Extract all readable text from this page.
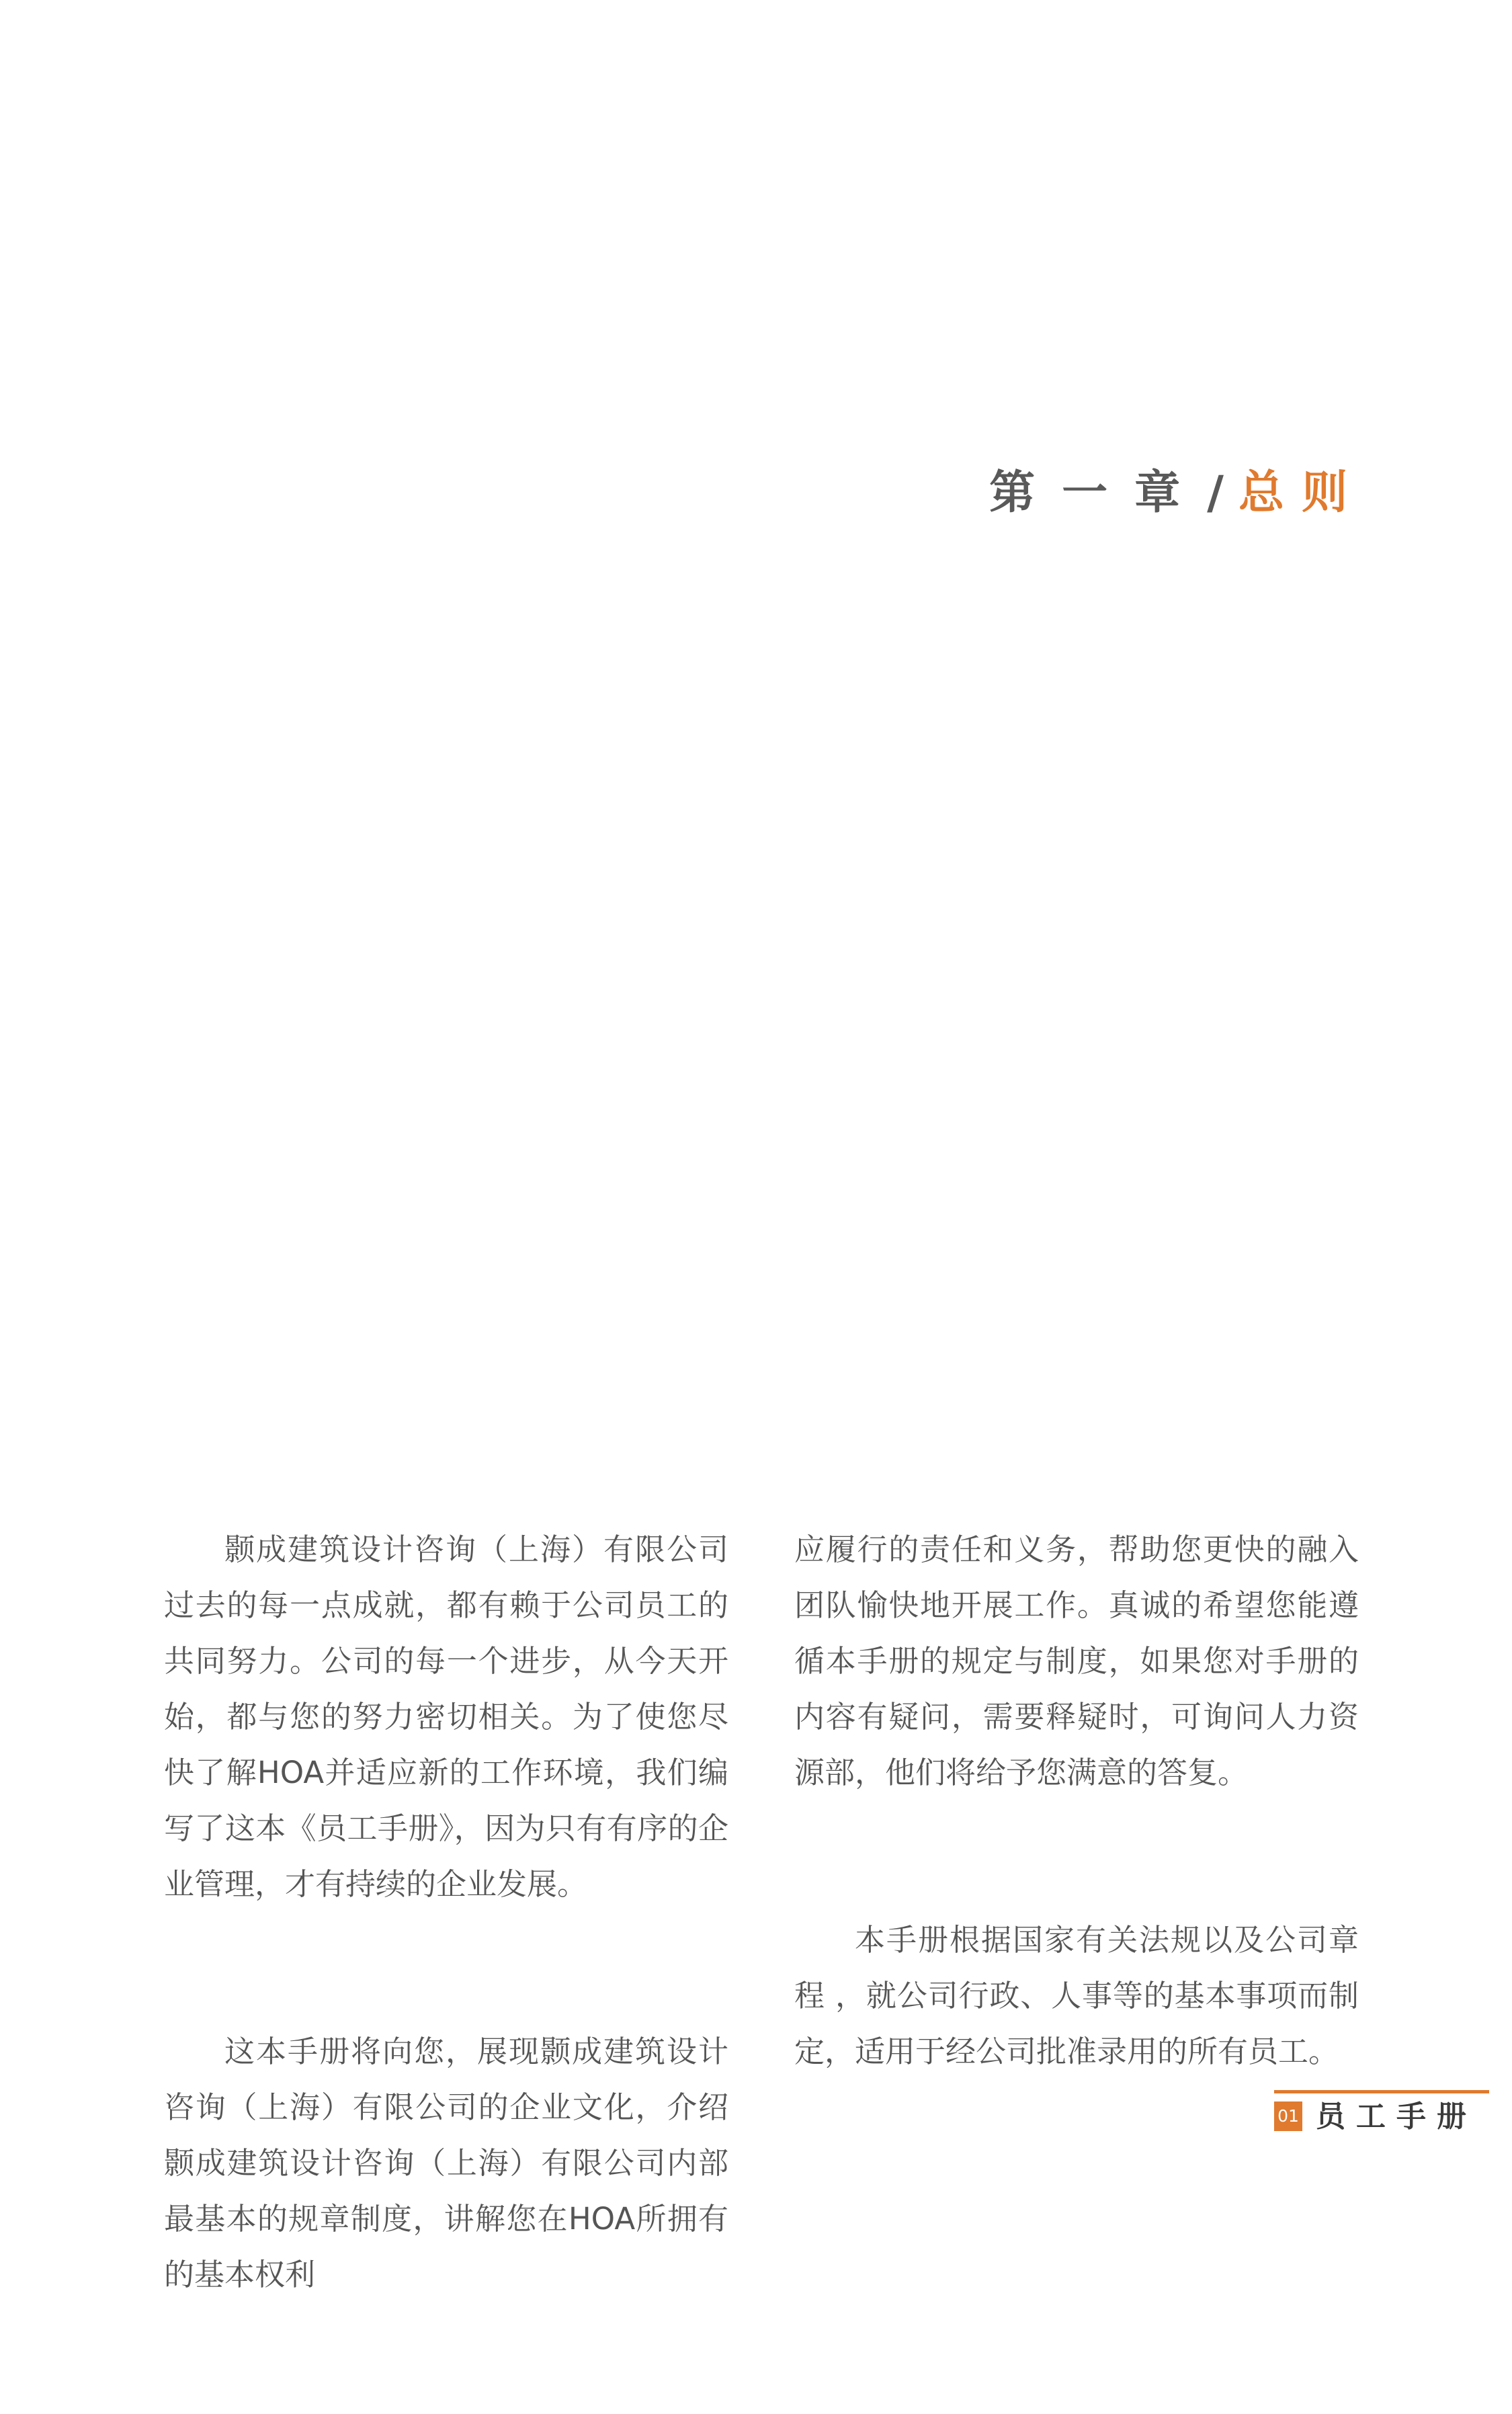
第一章 / 总则

颢成建筑设计咨询（上海）有限公司过去的每一点成就，都有赖于公司员工的共同努力。公司的每一个进步，从今天开始，都与您的努力密切相关。为了使您尽快了解HOA并适应新的工作环境，我们编写了这本《员工手册》，因为只有有序的企业管理，才有持续的企业发展。

这本手册将向您，展现颢成建筑设计咨询（上海）有限公司的企业文化，介绍颢成建筑设计咨询（上海）有限公司内部最基本的规章制度，讲解您在HOA所拥有的基本权利

应履行的责任和义务，帮助您更快的融入团队愉快地开展工作。真诚的希望您能遵循本手册的规定与制度，如果您对手册的内容有疑问，需要释疑时，可询问人力资源部，他们将给予您满意的答复。

本手册根据国家有关法规以及公司章程 ，就公司行政、人事等的基本事项而制定，适用于经公司批准录用的所有员工。

01 员工手册
